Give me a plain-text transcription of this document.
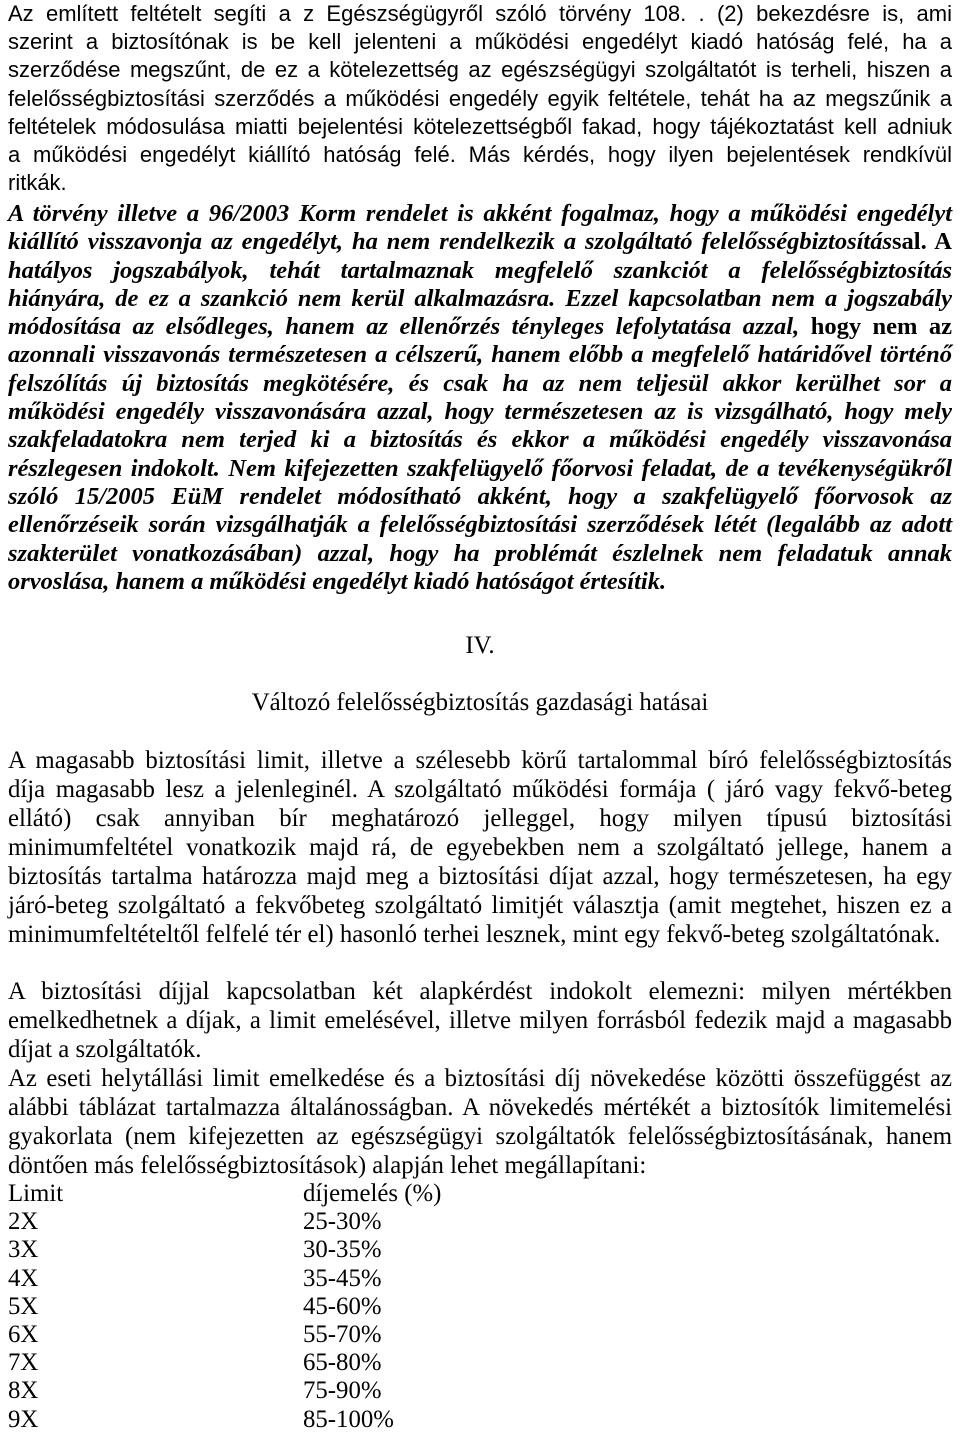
Az említett feltételt segíti a z Egészségügyről szóló törvény 108. . (2) bekezdésre is, ami
szerint a biztosítónak is be kell jelenteni a működési engedélyt kiadó hatóság felé, ha a
szerződése megszűnt, de ez a kötelezettség az egészségügyi szolgáltatót is terheli, hiszen a
felelősségbiztosítási szerződés a működési engedély egyik feltétele, tehát ha az megszűnik a
feltételek módosulása miatti bejelentési kötelezettségből fakad, hogy tájékoztatást kell adniuk
a működési engedélyt kiállító hatóság felé. Más kérdés, hogy ilyen bejelentések rendkívül
ritkák.
A törvény illetve a 96/2003 Korm rendelet is akként fogalmaz, hogy a működési engedélyt
kiállító visszavonja az engedélyt, ha nem rendelkezik a szolgáltató felelősségbiztosítással. A
hatályos jogszabályok, tehát tartalmaznak megfelelő szankciót a felelősségbiztosítás
hiányára, de ez a szankció nem kerül alkalmazásra. Ezzel kapcsolatban nem a jogszabály
módosítása az elsődleges, hanem az ellenőrzés tényleges lefolytatása azzal, hogy nem az
azonnali visszavonás természetesen a célszerű, hanem előbb a megfelelő határidővel történő
felszólítás új biztosítás megkötésére, és csak ha az nem teljesül akkor kerülhet sor a
működési engedély visszavonására azzal, hogy természetesen az is vizsgálható, hogy mely
szakfeladatokra nem terjed ki a biztosítás és ekkor a működési engedély visszavonása
részlegesen indokolt. Nem kifejezetten szakfelügyelő főorvosi feladat, de a tevékenységükről
szóló 15/2005 EüM rendelet módosítható akként, hogy a szakfelügyelő főorvosok az
ellenőrzéseik során vizsgálhatják a felelősségbiztosítási szerződések létét (legalább az adott
szakterület vonatkozásában) azzal, hogy ha problémát észlelnek nem feladatuk annak
orvoslása, hanem a működési engedélyt kiadó hatóságot értesítik.
IV.
Változó felelősségbiztosítás gazdasági hatásai
A magasabb biztosítási limit, illetve a szélesebb körű tartalommal bíró felelősségbiztosítás
díja magasabb lesz a jelenleginél. A szolgáltató működési formája ( járó vagy fekvő-beteg
ellátó) csak annyiban bír meghatározó jelleggel, hogy milyen típusú biztosítási
minimumfeltétel vonatkozik majd rá, de egyebekben nem a szolgáltató jellege, hanem a
biztosítás tartalma határozza majd meg a biztosítási díjat azzal, hogy természetesen, ha egy
járó-beteg szolgáltató a fekvőbeteg szolgáltató limitjét választja (amit megtehet, hiszen ez a
minimumfeltételtől felfelé tér el) hasonló terhei lesznek, mint egy fekvő-beteg szolgáltatónak.
A biztosítási díjjal kapcsolatban két alapkérdést indokolt elemezni: milyen mértékben
emelkedhetnek a díjak, a limit emelésével, illetve milyen forrásból fedezik majd a magasabb
díjat a szolgáltatók.
Az eseti helytállási limit emelkedése és a biztosítási díj növekedése közötti összefüggést az
alábbi táblázat tartalmazza általánosságban. A növekedés mértékét a biztosítók limitemelési
gyakorlata (nem kifejezetten az egészségügyi szolgáltatók felelősségbiztosításának, hanem
döntően más felelősségbiztosítások) alapján lehet megállapítani:
Limit	díjemelés (%)
2X	25-30%
3X	30-35%
4X	35-45%
5X	45-60%
6X	55-70%
7X	65-80%
8X	75-90%
9X	85-100%
